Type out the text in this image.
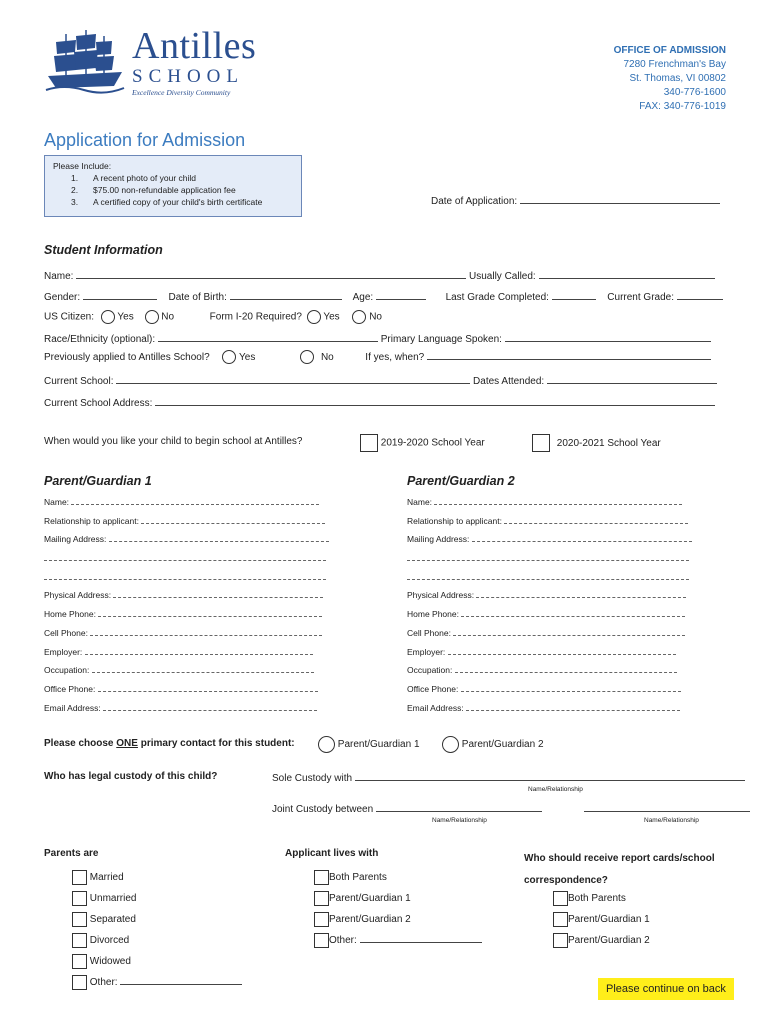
Antilles
SCHOOL
Excellence Diversity Community
OFFICE OF ADMISSION
7280 Frenchman's Bay
St. Thomas, VI 00802
340-776-1600
FAX: 340-776-1019
Application for Admission
Please Include:
1. A recent photo of your child
2. $75.00 non-refundable application fee
3. A certified copy of your child's birth certificate	Date of Application:
Student Information
Name:	Usually Called:
Gender:	Date of Birth:	Age:	Last Grade Completed:	Current Grade:
US Citizen: Yes	No	Form I-20 Required? Yes	No
Race/Ethnicity (optional):	Primary Language Spoken:
Previously applied to Antilles School?	Yes	No	If yes, when?
Current School:	Dates Attended:
Current School Address:
When would you like your child to begin school at Antilles?	2019-2020 School Year	2020-2021 School Year
Parent/Guardian 1	Parent/Guardian 2
Name:
Relationship to applicant:
Mailing Address:
Physical Address:
Home Phone:
Cell Phone:
Employer:
Occupation:
Office Phone:
Email Address:
Name:
Relationship to applicant:
Mailing Address:
Physical Address:
Home Phone:
Cell Phone:
Employer:
Occupation:
Office Phone:
Email Address:
Please choose ONE primary contact for this student:	Parent/Guardian 1	Parent/Guardian 2
Who has legal custody of this child?	Sole Custody with
Name/Relationship
Joint Custody between
Name/Relationship	Name/Relationship
Parents are	Applicant lives with	Who should receive report cards/school
correspondence?
Married
Unmarried
Separated
Divorced
Widowed
Other:
Both Parents
Parent/Guardian 1
Parent/Guardian 2
Other:
Both Parents
Parent/Guardian 1
Parent/Guardian 2
Please continue on back
